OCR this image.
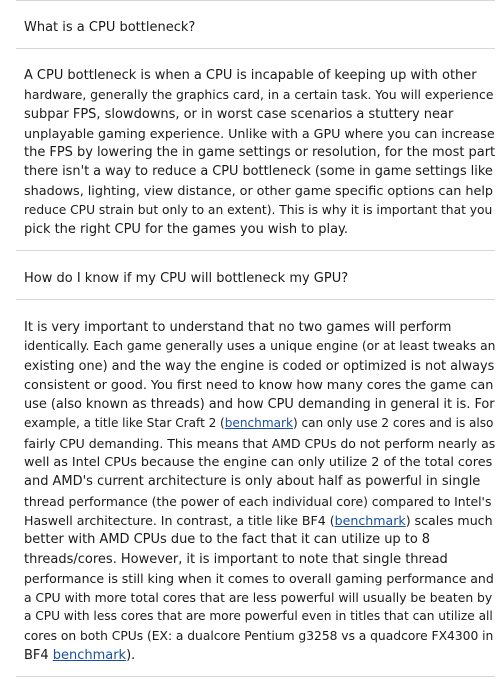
What is a CPU bottleneck?
A CPU bottleneck is when a CPU is incapable of keeping up with other
hardware, generally the graphics card, in a certain task. You will experience
subpar FPS, slowdowns, or in worst case scenarios a stuttery near
unplayable gaming experience. Unlike with a GPU where you can increase
the FPS by lowering the in game settings or resolution, for the most part
there isn't a way to reduce a CPU bottleneck (some in game settings like
shadows, lighting, view distance, or other game specific options can help
reduce CPU strain but only to an extent). This is why it is important that you
pick the right CPU for the games you wish to play.
How do I know if my CPU will bottleneck my GPU?
It is very important to understand that no two games will perform
identically. Each game generally uses a unique engine (or at least tweaks an
existing one) and the way the engine is coded or optimized is not always
consistent or good. You first need to know how many cores the game can
use (also known as threads) and how CPU demanding in general it is. For
example, a title like Star Craft 2 (benchmark) can only use 2 cores and is also
fairly CPU demanding. This means that AMD CPUs do not perform nearly as
well as Intel CPUs because the engine can only utilize 2 of the total cores
and AMD's current architecture is only about half as powerful in single
thread performance (the power of each individual core) compared to Intel's
Haswell architecture. In contrast, a title like BF4 (benchmark) scales much
better with AMD CPUs due to the fact that it can utilize up to 8
threads/cores. However, it is important to note that single thread
performance is still king when it comes to overall gaming performance and
a CPU with more total cores that are less powerful will usually be beaten by
a CPU with less cores that are more powerful even in titles that can utilize all
cores on both CPUs (EX: a dualcore Pentium g3258 vs a quadcore FX4300 in
BF4 benchmark).
